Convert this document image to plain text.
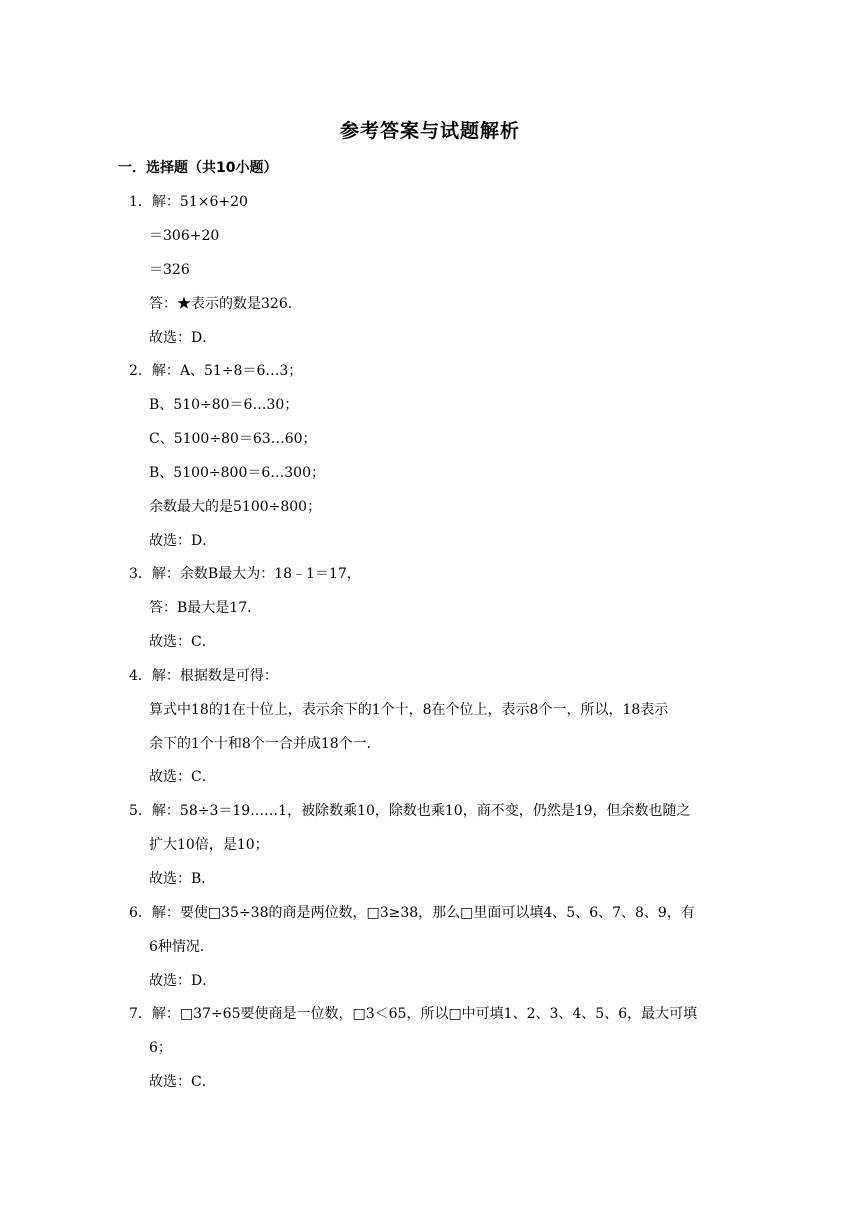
参考答案与试题解析
一．选择题（共10小题）
1．解：51×6+20
＝306+20
＝326
答：★表示的数是326．
故选：D．
2．解：A、51÷8＝6…3；
B、510÷80＝6…30；
C、5100÷80＝63…60；
B、5100÷800＝6…300；
余数最大的是5100÷800；
故选：D．
3．解：余数B最大为：18﹣1＝17，
答：B最大是17．
故选：C．
4．解：根据数是可得：
算式中18的1在十位上，表示余下的1个十，8在个位上，表示8个一，所以，18表示
余下的1个十和8个一合并成18个一．
故选：C．
5．解：58÷3＝19……1，被除数乘10，除数也乘10，商不变，仍然是19，但余数也随之
扩大10倍，是10；
故选：B．
6．解：要使□35÷38的商是两位数，□3≥38，那么□里面可以填4、5、6、7、8、9，有
6种情况．
故选：D．
7．解：□37÷65要使商是一位数，□3＜65，所以□中可填1、2、3、4、5、6，最大可填
6；
故选：C．
